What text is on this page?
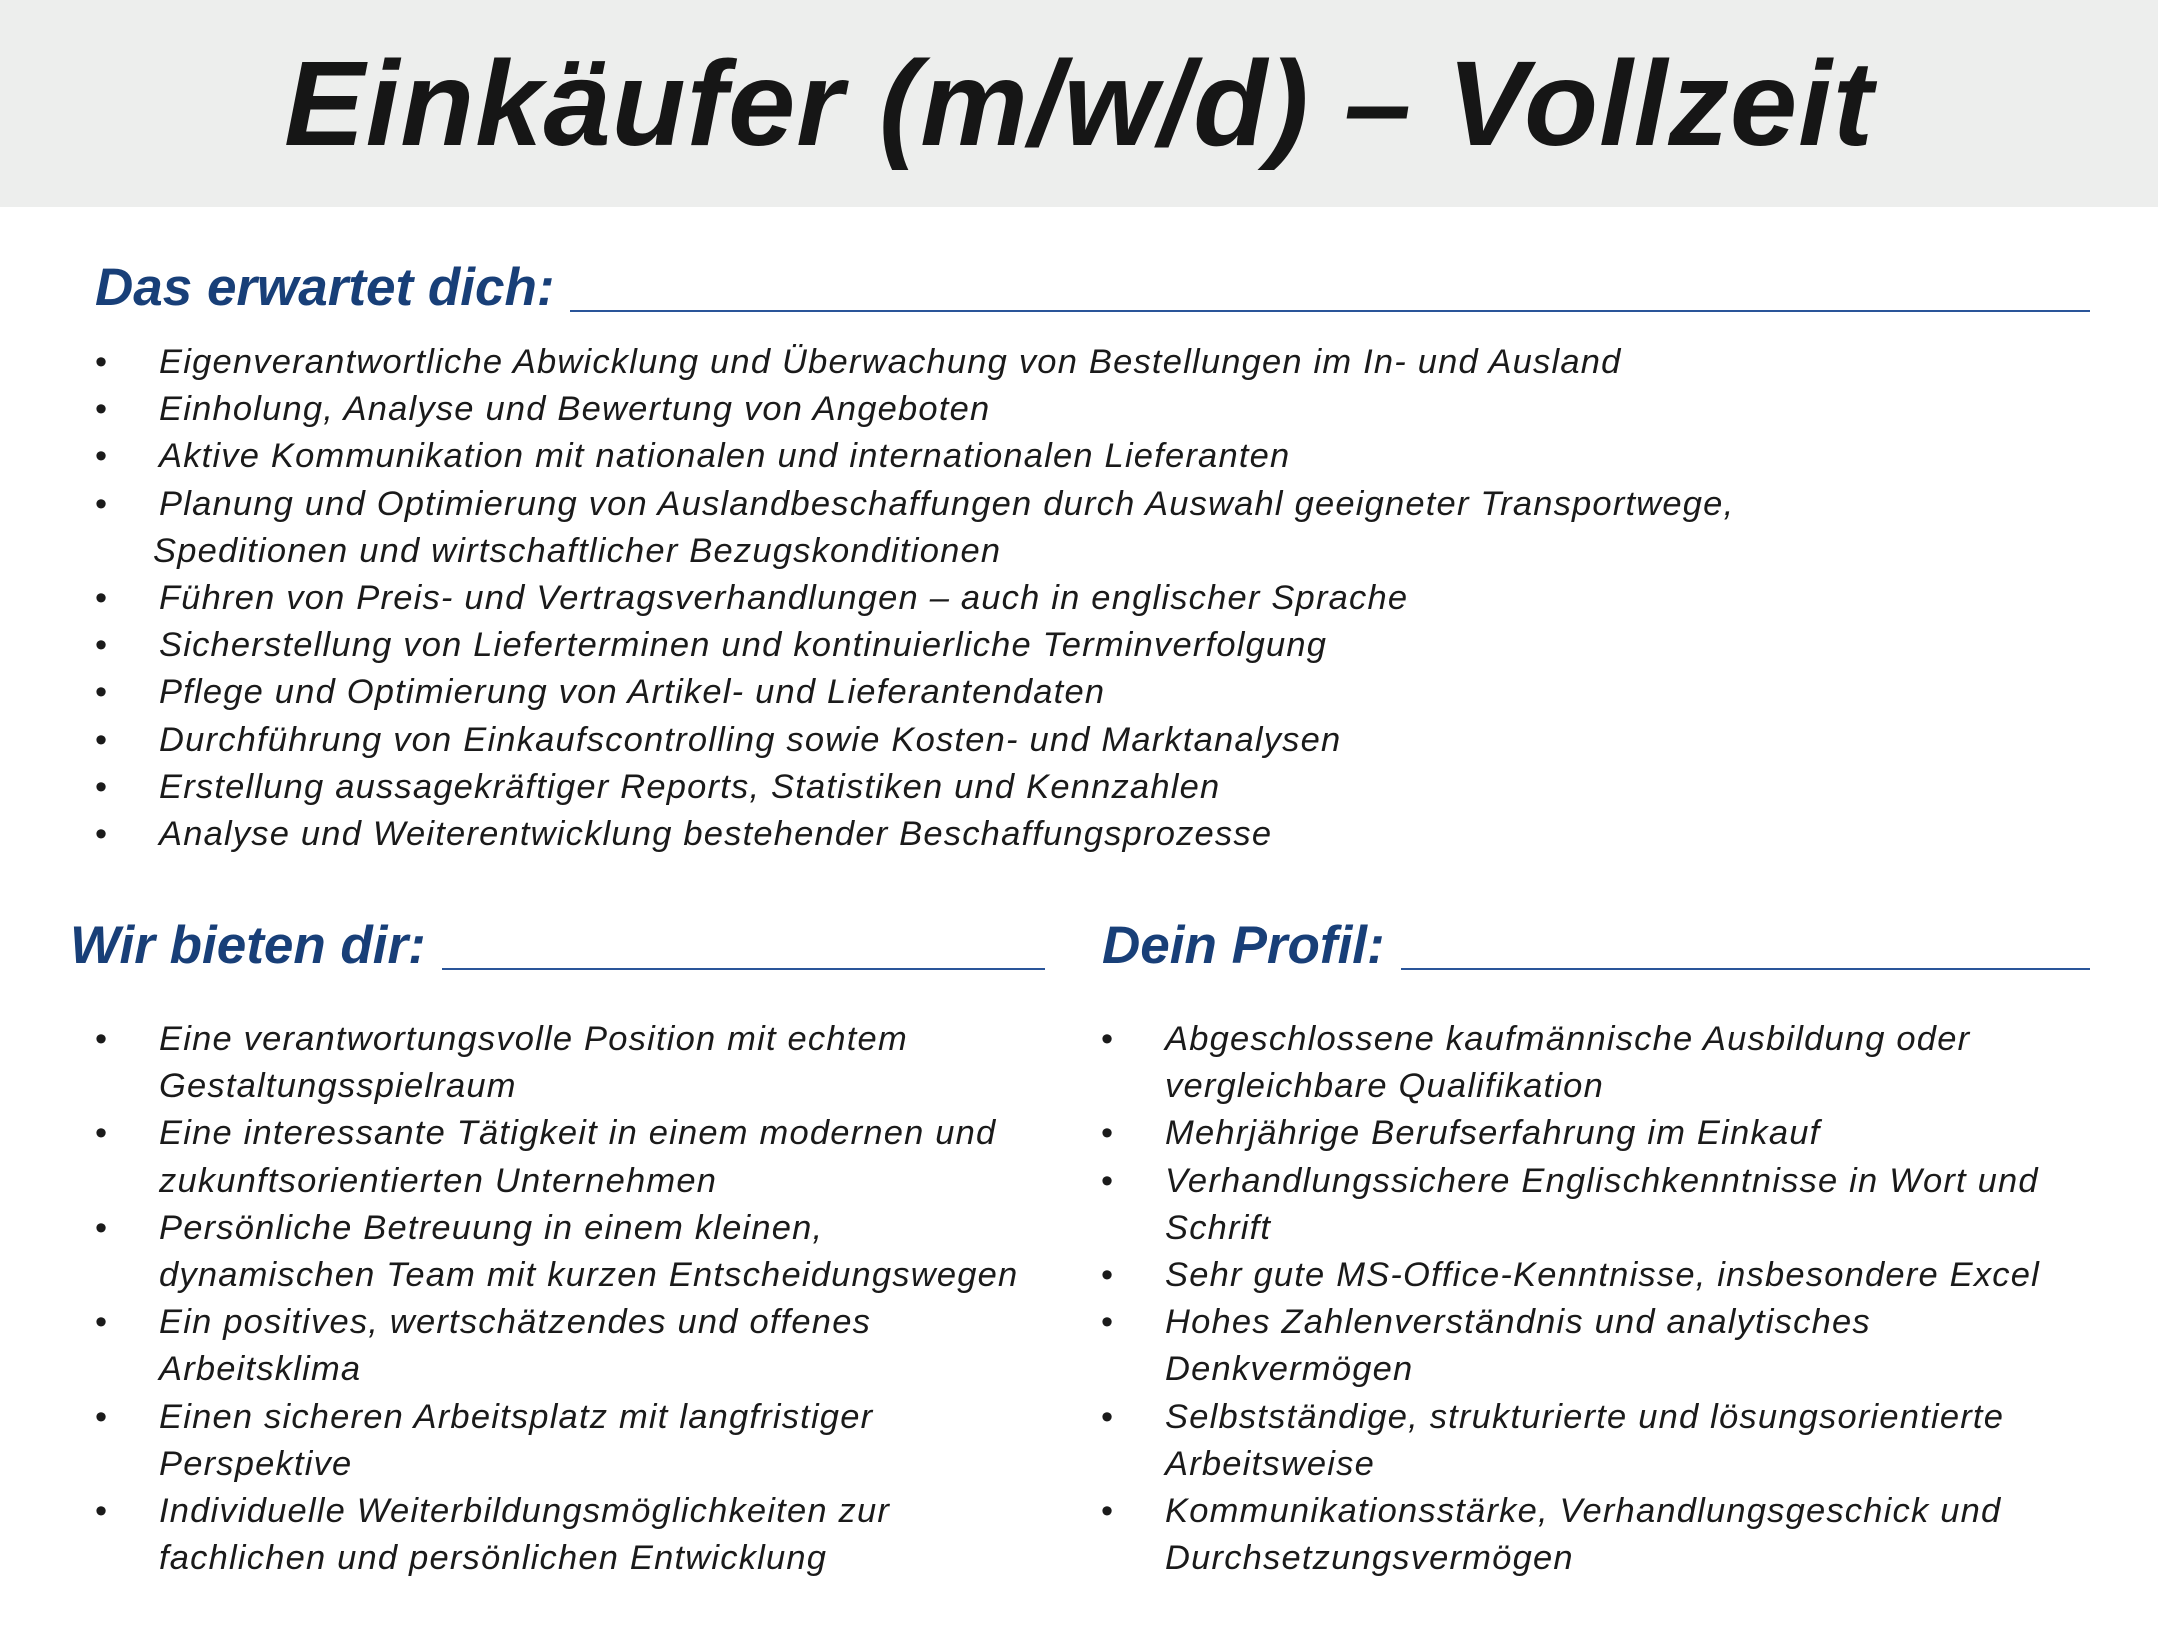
Einkäufer (m/w/d) – Vollzeit
Das erwartet dich:
• Eigenverantwortliche Abwicklung und Überwachung von Bestellungen im In- und Ausland
• Einholung, Analyse und Bewertung von Angeboten
• Aktive Kommunikation mit nationalen und internationalen Lieferanten
• Planung und Optimierung von Auslandbeschaffungen durch Auswahl geeigneter Transportwege,
Speditionen und wirtschaftlicher Bezugskonditionen
• Führen von Preis- und Vertragsverhandlungen – auch in englischer Sprache
• Sicherstellung von Lieferterminen und kontinuierliche Terminverfolgung
• Pflege und Optimierung von Artikel- und Lieferantendaten
• Durchführung von Einkaufscontrolling sowie Kosten- und Marktanalysen
• Erstellung aussagekräftiger Reports, Statistiken und Kennzahlen
• Analyse und Weiterentwicklung bestehender Beschaffungsprozesse
Wir bieten dir:
• Eine verantwortungsvolle Position mit echtem
Gestaltungsspielraum
• Eine interessante Tätigkeit in einem modernen und
zukunftsorientierten Unternehmen
• Persönliche Betreuung in einem kleinen,
dynamischen Team mit kurzen Entscheidungswegen
• Ein positives, wertschätzendes und offenes
Arbeitsklima
• Einen sicheren Arbeitsplatz mit langfristiger
Perspektive
• Individuelle Weiterbildungsmöglichkeiten zur
fachlichen und persönlichen Entwicklung
Dein Profil:
• Abgeschlossene kaufmännische Ausbildung oder
vergleichbare Qualifikation
• Mehrjährige Berufserfahrung im Einkauf
• Verhandlungssichere Englischkenntnisse in Wort und
Schrift
• Sehr gute MS-Office-Kenntnisse, insbesondere Excel
• Hohes Zahlenverständnis und analytisches
Denkvermögen
• Selbstständige, strukturierte und lösungsorientierte
Arbeitsweise
• Kommunikationsstärke, Verhandlungsgeschick und
Durchsetzungsvermögen
